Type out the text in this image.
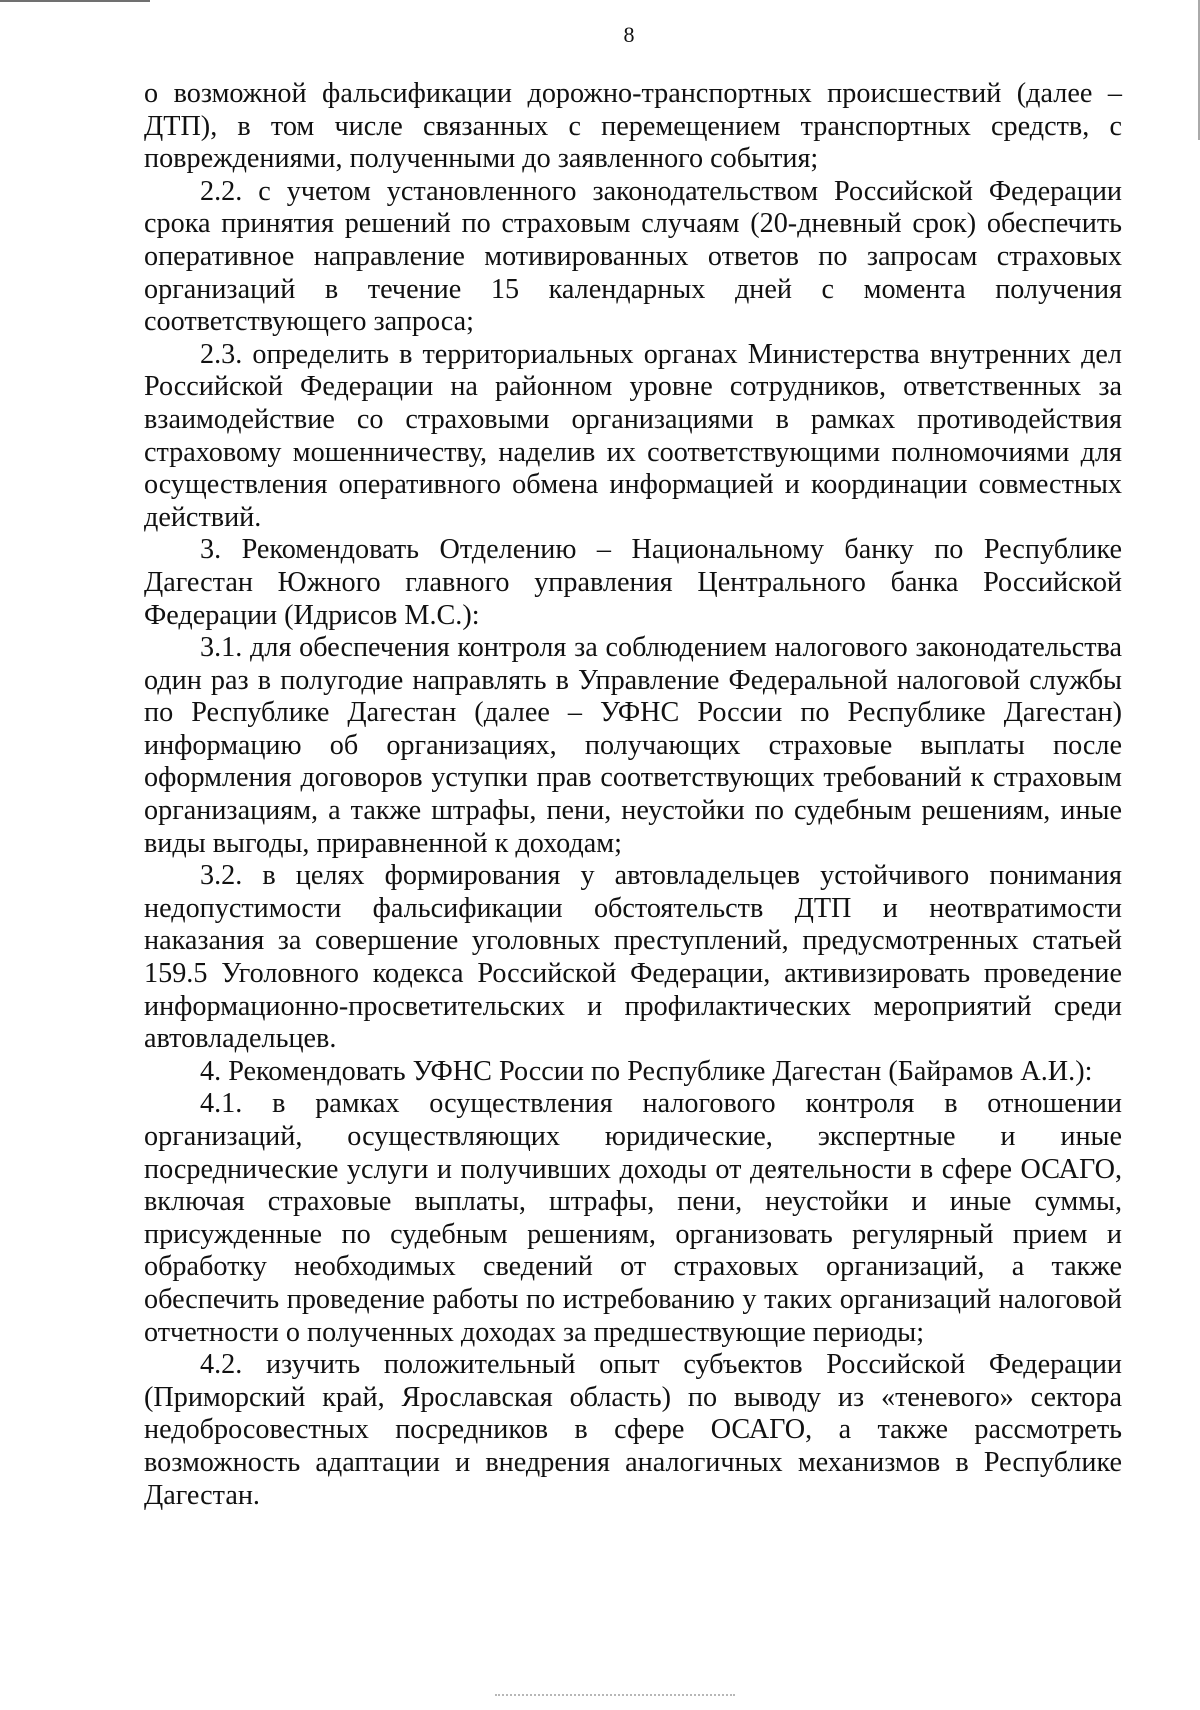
8

о возможной фальсификации дорожно-транспортных происшествий (далее – ДТП), в том числе связанных с перемещением транспортных средств, с повреждениями, полученными до заявленного события;

2.2. с учетом установленного законодательством Российской Федерации срока принятия решений по страховым случаям (20-дневный срок) обеспечить оперативное направление мотивированных ответов по запросам страховых организаций в течение 15 календарных дней с момента получения соответствующего запроса;

2.3. определить в территориальных органах Министерства внутренних дел Российской Федерации на районном уровне сотрудников, ответственных за взаимодействие со страховыми организациями в рамках противодействия страховому мошенничеству, наделив их соответствующими полномочиями для осуществления оперативного обмена информацией и координации совместных действий.

3. Рекомендовать Отделению – Национальному банку по Республике Дагестан Южного главного управления Центрального банка Российской Федерации (Идрисов М.С.):

3.1. для обеспечения контроля за соблюдением налогового законодательства один раз в полугодие направлять в Управление Федеральной налоговой службы по Республике Дагестан (далее – УФНС России по Республике Дагестан) информацию об организациях, получающих страховые выплаты после оформления договоров уступки прав соответствующих требований к страховым организациям, а также штрафы, пени, неустойки по судебным решениям, иные виды выгоды, приравненной к доходам;

3.2. в целях формирования у автовладельцев устойчивого понимания недопустимости фальсификации обстоятельств ДТП и неотвратимости наказания за совершение уголовных преступлений, предусмотренных статьей 159.5 Уголовного кодекса Российской Федерации, активизировать проведение информационно-просветительских и профилактических мероприятий среди автовладельцев.

4. Рекомендовать УФНС России по Республике Дагестан (Байрамов А.И.):

4.1. в рамках осуществления налогового контроля в отношении организаций, осуществляющих юридические, экспертные и иные посреднические услуги и получивших доходы от деятельности в сфере ОСАГО, включая страховые выплаты, штрафы, пени, неустойки и иные суммы, присужденные по судебным решениям, организовать регулярный прием и обработку необходимых сведений от страховых организаций, а также обеспечить проведение работы по истребованию у таких организаций налоговой отчетности о полученных доходах за предшествующие периоды;

4.2. изучить положительный опыт субъектов Российской Федерации (Приморский край, Ярославская область) по выводу из «теневого» сектора недобросовестных посредников в сфере ОСАГО, а также рассмотреть возможность адаптации и внедрения аналогичных механизмов в Республике Дагестан.
